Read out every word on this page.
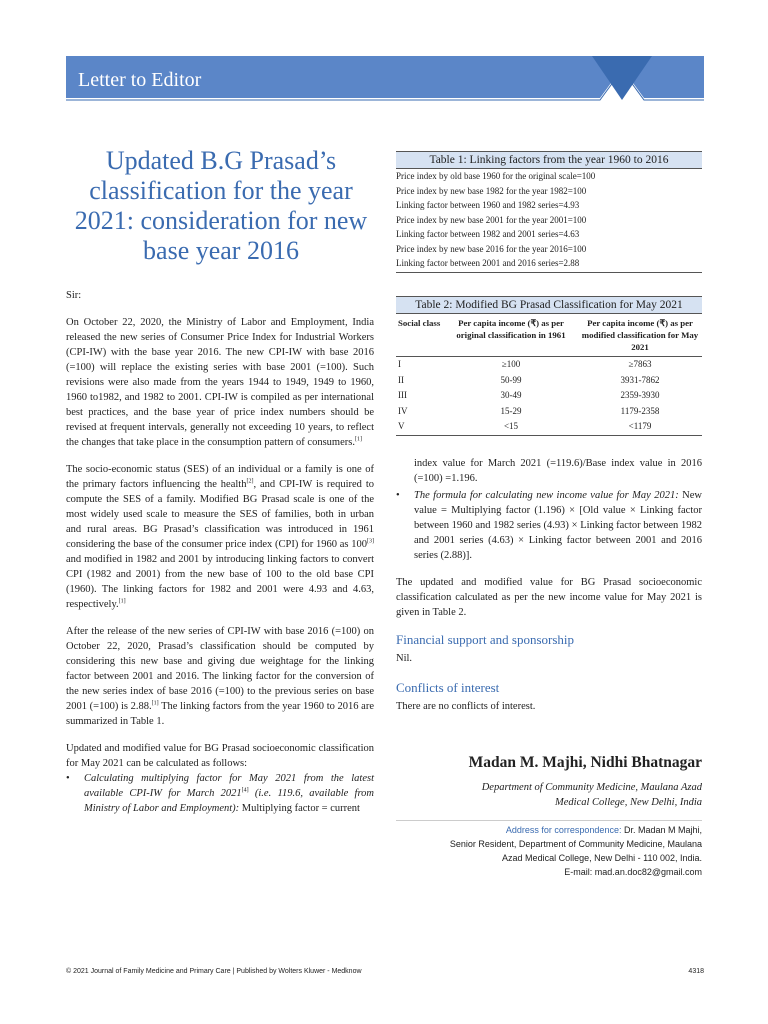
Letter to Editor
Updated B.G Prasad’s classification for the year 2021: consideration for new base year 2016

Sir:

On October 22, 2020, the Ministry of Labor and Employment, India released the new series of Consumer Price Index for Industrial Workers (CPI-IW) with the base year 2016. The new CPI-IW with base 2016 (=100) will replace the existing series with base 2001 (=100). Such revisions were also made from the years 1944 to 1949, 1949 to 1960, 1960 to1982, and 1982 to 2001. CPI-IW is compiled as per international best practices, and the base year of price index numbers should be revised at frequent intervals, generally not exceeding 10 years, to reflect the changes that take place in the consumption pattern of consumers.[1]

The socio-economic status (SES) of an individual or a family is one of the primary factors influencing the health[2], and CPI-IW is required to compute the SES of a family. Modified BG Prasad scale is one of the most widely used scale to measure the SES of families, both in urban and rural areas. BG Prasad’s classification was introduced in 1961 considering the base of the consumer price index (CPI) for 1960 as 100[3] and modified in 1982 and 2001 by introducing linking factors to convert CPI (1982 and 2001) from the new base of 100 to the old base CPI (1960). The linking factors for 1982 and 2001 were 4.93 and 4.63, respectively.[1]

After the release of the new series of CPI-IW with base 2016 (=100) on October 22, 2020, Prasad’s classification should be computed by considering this new base and giving due weightage for the linking factor between 2001 and 2016. The linking factor for the conversion of the new series index of base 2016 (=100) to the previous series on base 2001 (=100) is 2.88.[1] The linking factors from the year 1960 to 2016 are summarized in Table 1.

Updated and modified value for BG Prasad socioeconomic classification for May 2021 can be calculated as follows:

•	Calculating multiplying factor for May 2021 from the latest available CPI-IW for March 2021[4] (i.e. 119.6, available from Ministry of Labor and Employment): Multiplying factor = current
Table 1: Linking factors from the year 1960 to 2016
Price index by old base 1960 for the original scale=100
Price index by new base 1982 for the year 1982=100
Linking factor between 1960 and 1982 series=4.93
Price index by new base 2001 for the year 2001=100
Linking factor between 1982 and 2001 series=4.63
Price index by new base 2016 for the year 2016=100
Linking factor between 2001 and 2016 series=2.88
Table 2: Modified BG Prasad Classification for May 2021
Social class	Per capita income (₹) as per original classification in 1961	Per capita income (₹) as per modified classification for May 2021
I	≥100	≥7863
II	50-99	3931-7862
III	30-49	2359-3930
IV	15-29	1179-2358
V	<15	<1179

index value for March 2021 (=119.6)/Base index value in 2016 (=100) =1.196.

•	The formula for calculating new income value for May 2021: New value = Multiplying factor (1.196) × [Old value × Linking factor between 1960 and 1982 series (4.93) × Linking factor between 1982 and 2001 series (4.63) × Linking factor between 2001 and 2016 series (2.88)].

The updated and modified value for BG Prasad socioeconomic classification calculated as per the new income value for May 2021 is given in Table 2.

Financial support and sponsorship

Nil.

Conflicts of interest

There are no conflicts of interest.

Madan M. Majhi, Nidhi Bhatnagar
Department of Community Medicine, Maulana Azad
Medical College, New Delhi, India
Address for correspondence: Dr. Madan M Majhi,
Senior Resident, Department of Community Medicine, Maulana
Azad Medical College, New Delhi - 110 002, India.
E-mail: mad.an.doc82@gmail.com
© 2021 Journal of Family Medicine and Primary Care | Published by Wolters Kluwer - Medknow	4318
